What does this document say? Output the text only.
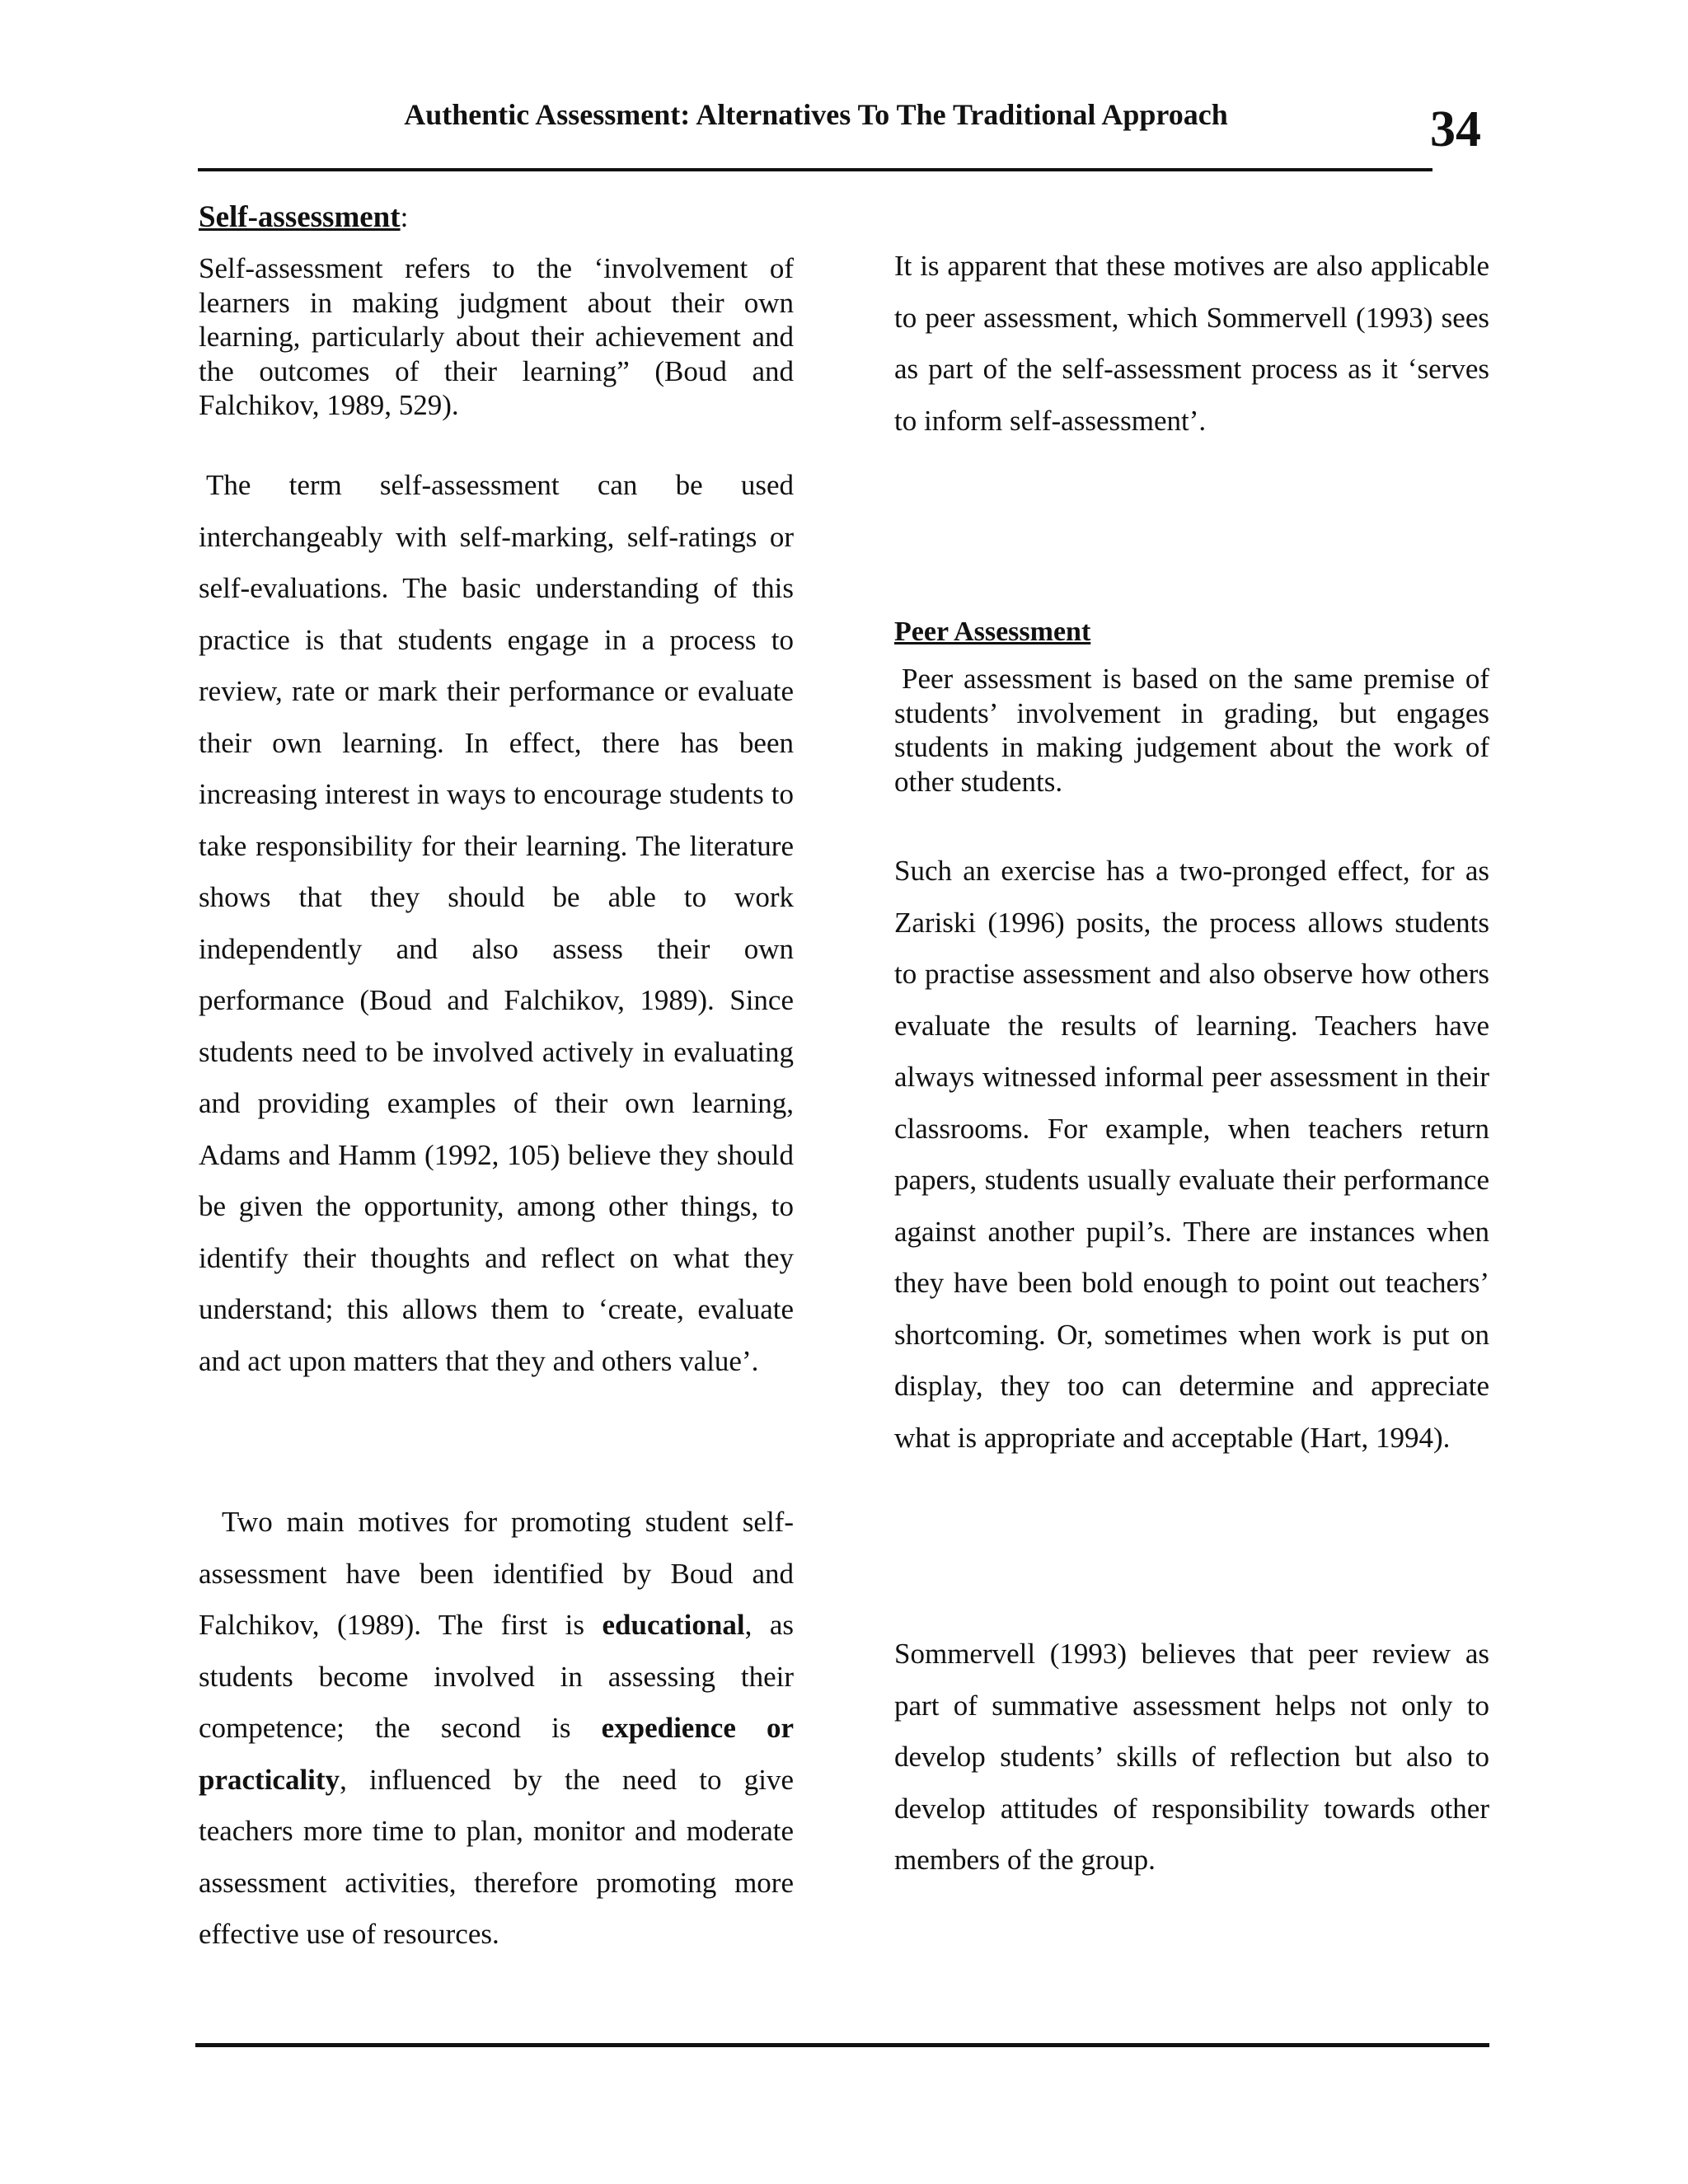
Authentic Assessment: Alternatives To The Traditional Approach	34
Self-assessment:

Self-assessment refers to the ‘involvement of learners in making judgment about their own learning, particularly about their achievement and the outcomes of their learning” (Boud and Falchikov, 1989, 529).

The term self-assessment can be used interchangeably with self-marking, self-ratings or self-evaluations. The basic understanding of this practice is that students engage in a process to review, rate or mark their performance or evaluate their own learning. In effect, there has been increasing interest in ways to encourage students to take responsibility for their learning. The literature shows that they should be able to work independently and also assess their own performance (Boud and Falchikov, 1989). Since students need to be involved actively in evaluating and providing examples of their own learning, Adams and Hamm (1992, 105) believe they should be given the opportunity, among other things, to identify their thoughts and reflect on what they understand; this allows them to ‘create, evaluate and act upon matters that they and others value’.

Two main motives for promoting student self-assessment have been identified by Boud and Falchikov, (1989). The first is educational, as students become involved in assessing their competence; the second is expedience or practicality, influenced by the need to give teachers more time to plan, monitor and moderate assessment activities, therefore promoting more effective use of resources.

It is apparent that these motives are also applicable to peer assessment, which Sommervell (1993) sees as part of the self-assessment process as it ‘serves to inform self-assessment’.

Peer Assessment

Peer assessment is based on the same premise of students’ involvement in grading, but engages students in making judgement about the work of other students.

Such an exercise has a two-pronged effect, for as Zariski (1996) posits, the process allows students to practise assessment and also observe how others evaluate the results of learning. Teachers have always witnessed informal peer assessment in their classrooms. For example, when teachers return papers, students usually evaluate their performance against another pupil’s. There are instances when they have been bold enough to point out teachers’ shortcoming. Or, sometimes when work is put on display, they too can determine and appreciate what is appropriate and acceptable (Hart, 1994).

Sommervell (1993) believes that peer review as part of summative assessment helps not only to develop students’ skills of reflection but also to develop attitudes of responsibility towards other members of the group.
